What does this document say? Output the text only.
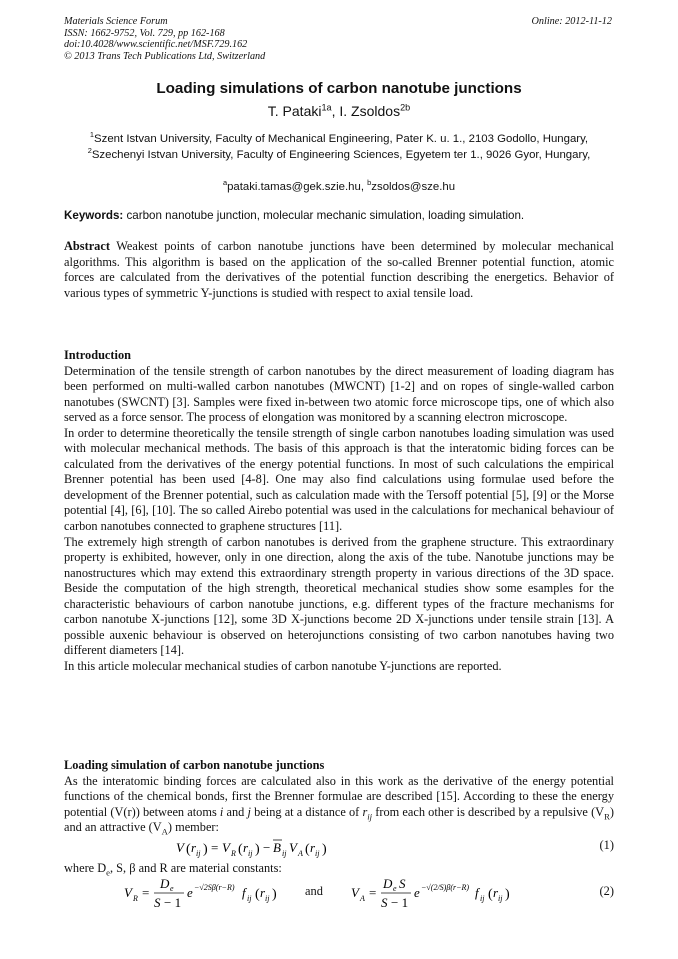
Materials Science Forum
ISSN: 1662-9752, Vol. 729, pp 162-168
doi:10.4028/www.scientific.net/MSF.729.162
© 2013 Trans Tech Publications Ltd, Switzerland
Online: 2012-11-12
Loading simulations of carbon nanotube junctions
T. Pataki$^{1a}$, I. Zsoldos$^{2b}$
$^1$Szent Istvan University, Faculty of Mechanical Engineering, Pater K. u. 1., 2103 Godollo, Hungary,
$^2$Szechenyi Istvan University, Faculty of Engineering Sciences, Egyetem ter 1., 9026 Gyor, Hungary,
$^a$pataki.tamas@gek.szie.hu, $^b$zsoldos@sze.hu
Keywords: carbon nanotube junction, molecular mechanic simulation, loading simulation.

Abstract Weakest points of carbon nanotube junctions have been determined by molecular mechanical algorithms. This algorithm is based on the application of the so-called Brenner potential function, atomic forces are calculated from the derivatives of the potential function describing the energetics. Behavior of various types of symmetric Y-junctions is studied with respect to axial tensile load.

Introduction

Determination of the tensile strength of carbon nanotubes by the direct measurement of loading diagram has been performed on multi-walled carbon nanotubes (MWCNT) [1-2] and on ropes of single-walled carbon nanotubes (SWCNT) [3]. Samples were fixed in-between two atomic force microscope tips, one of which also served as a force sensor. The process of elongation was monitored by a scanning electron microscope.

In order to determine theoretically the tensile strength of single carbon nanotubes loading simulation was used with molecular mechanical methods. The basis of this approach is that the interatomic biding forces can be calculated from the derivatives of the energy potential functions. In most of such calculations the empirical Brenner potential has been used [4-8]. One may also find calculations using formulae used before the development of the Brenner potential, such as calculation made with the Tersoff potential [5], [9] or the Morse potential [4], [6], [10]. The so called Airebo potential was used in the calculations for mechanical behaviour of carbon nanotubes connected to graphene structures [11].

The extremely high strength of carbon nanotubes is derived from the graphene structure. This extraordinary property is exhibited, however, only in one direction, along the axis of the tube. Nanotube junctions may be nanostructures which may extend this extraordinary strength property in various directions of the 3D space. Beside the computation of the high strength, theoretical mechanical studies show some esamples for the characteristic behaviours of carbon nanotube junctions, e.g. different types of the fracture mechanisms for carbon nanotube X-junctions [12], some 3D X-junctions become 2D X-junctions under tensile strain [13]. A possible auxenic behaviour is observed on heterojunctions consisting of two carbon nanotubes having two different diameters [14].

In this article molecular mechanical studies of carbon nanotube Y-junctions are reported.

Loading simulation of carbon nanotube junctions

As the interatomic binding forces are calculated also in this work as the derivative of the energy potential functions of the chemical bonds, first the Brenner formulae are described [15]. According to these the energy potential (V(r)) between atoms i and j being at a distance of $r_{ij}$ from each other is described by a repulsive $(V_R)$ and an attractive $(V_A)$ member:

V ( r ij ) = V R ( r ij ) − B ij V A ( r ij )	(1)

where $D_e$, S, β and R are material constants:

V R =
D e
S − 1
e −√2Sβ(r−R) f ij ( r ij ) and V A =
D e S
S − 1
e −√(2/S)β(r−R) f ij ( r ij )	(2)
